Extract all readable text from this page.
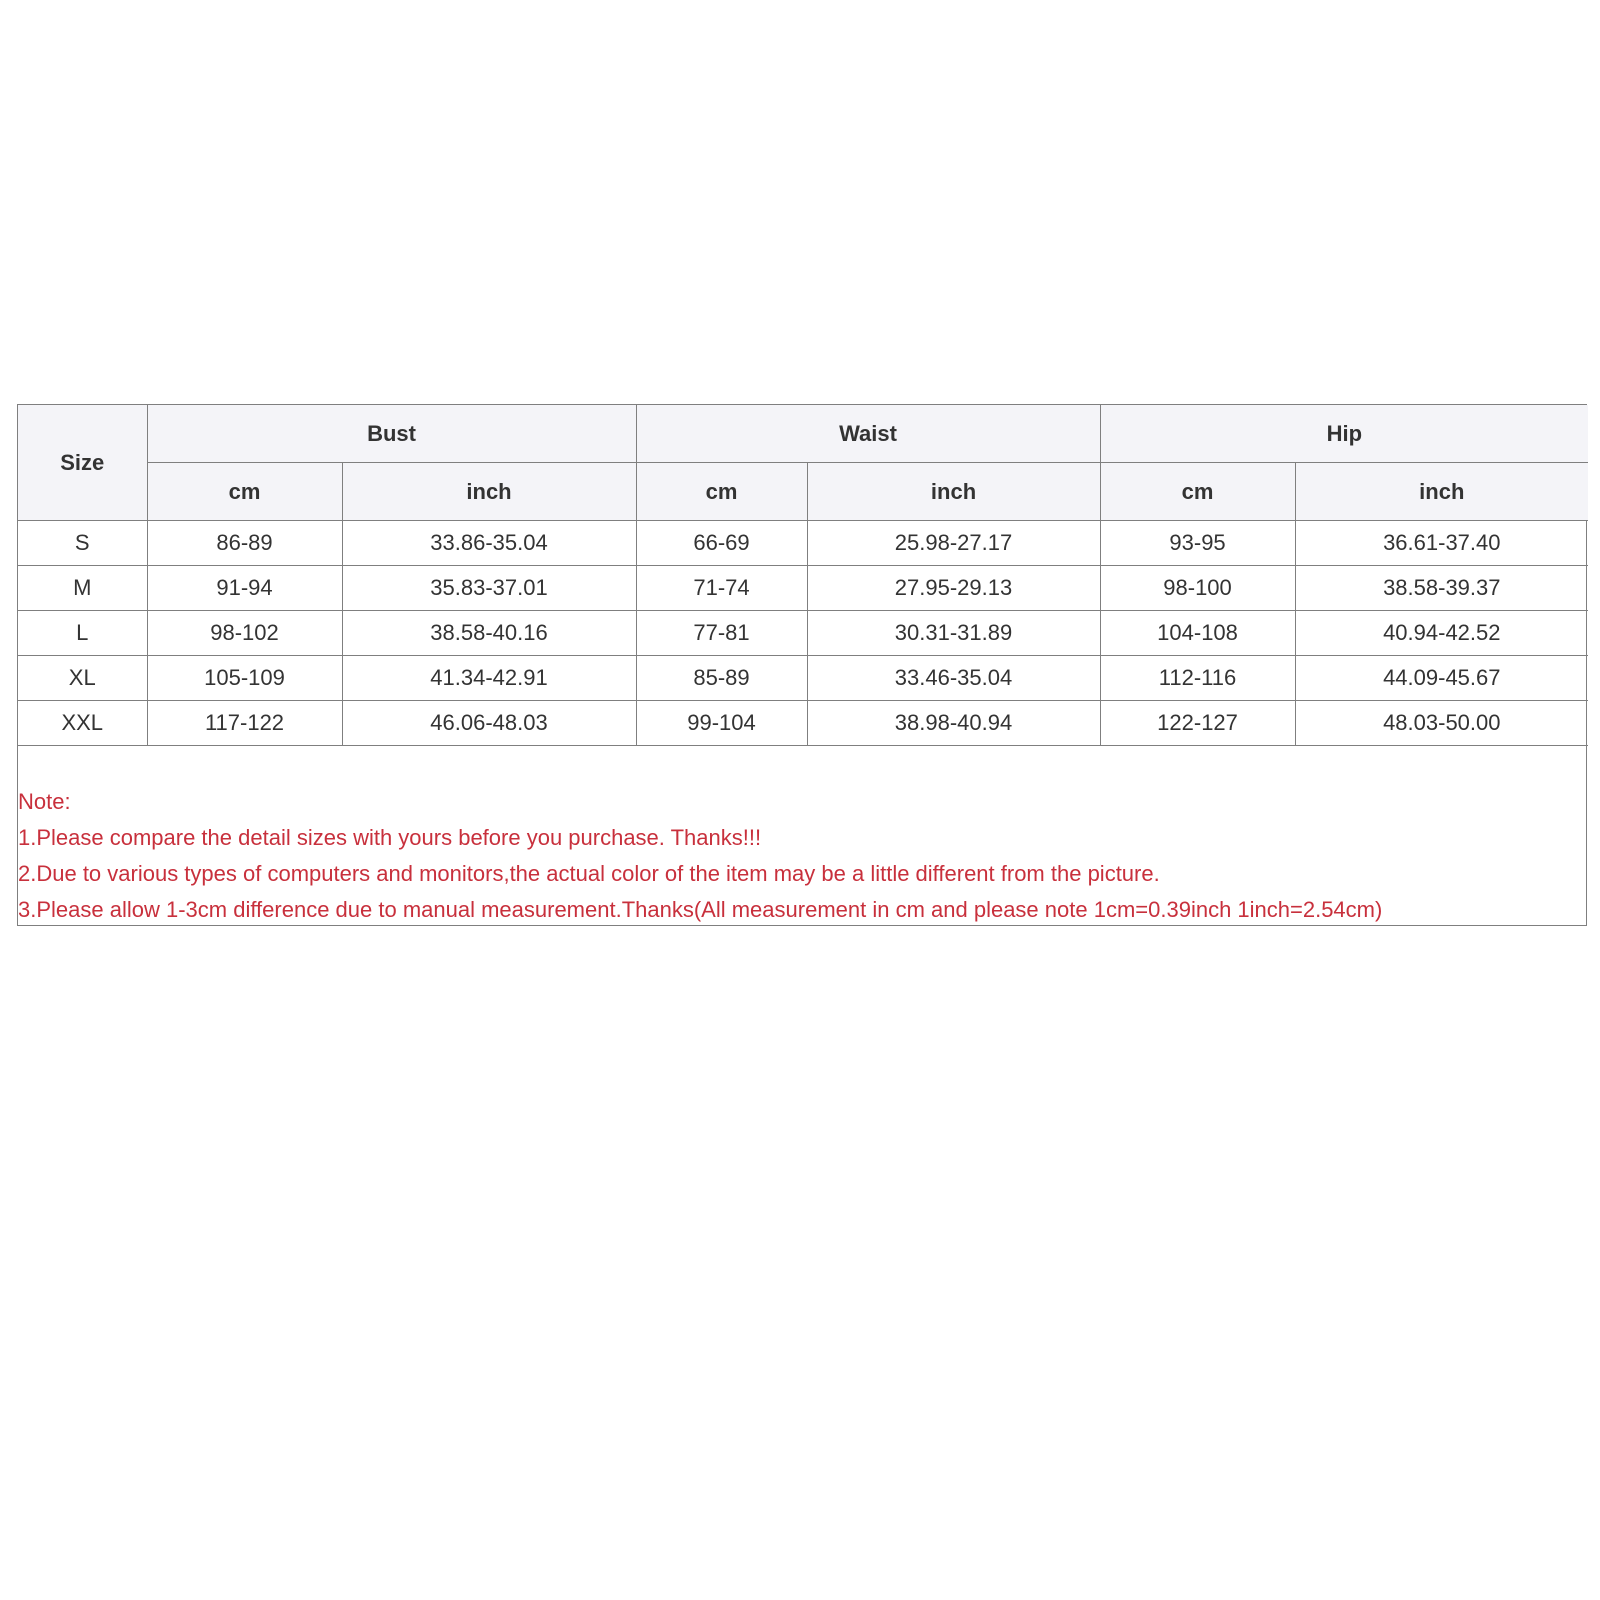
Size	Bust		Waist		Hip	
	cm	inch	cm	inch	cm	inch
S	86-89	33.86-35.04	66-69	25.98-27.17	93-95	36.61-37.40
M	91-94	35.83-37.01	71-74	27.95-29.13	98-100	38.58-39.37
L	98-102	38.58-40.16	77-81	30.31-31.89	104-108	40.94-42.52
XL	105-109	41.34-42.91	85-89	33.46-35.04	112-116	44.09-45.67
XXL	117-122	46.06-48.03	99-104	38.98-40.94	122-127	48.03-50.00
Note:
1.Please compare the detail sizes with yours before you purchase. Thanks!!!
2.Due to various types of computers and monitors,the actual color of the item may be a little different from the picture.
3.Please allow 1-3cm difference due to manual measurement.Thanks(All measurement in cm and please note 1cm=0.39inch 1inch=2.54cm)
